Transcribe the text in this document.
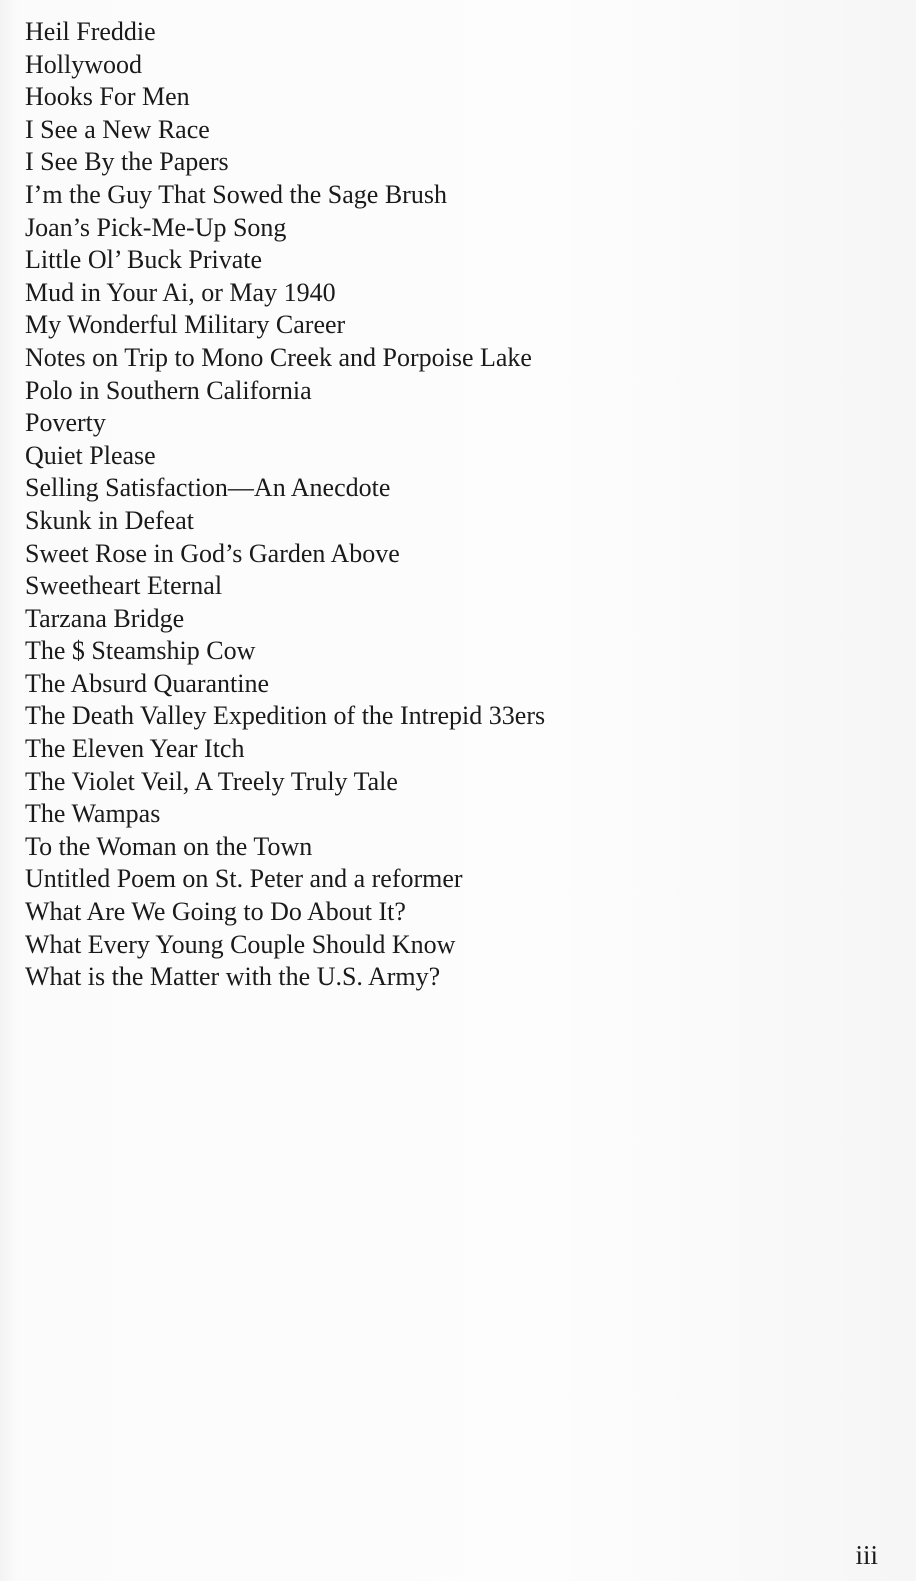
Heil Freddie
Hollywood
Hooks For Men
I See a New Race
I See By the Papers
I’m the Guy That Sowed the Sage Brush
Joan’s Pick-Me-Up Song
Little Ol’ Buck Private
Mud in Your Ai, or May 1940
My Wonderful Military Career
Notes on Trip to Mono Creek and Porpoise Lake
Polo in Southern California
Poverty
Quiet Please
Selling Satisfaction—An Anecdote
Skunk in Defeat
Sweet Rose in God’s Garden Above
Sweetheart Eternal
Tarzana Bridge
The $ Steamship Cow
The Absurd Quarantine
The Death Valley Expedition of the Intrepid 33ers
The Eleven Year Itch
The Violet Veil, A Treely Truly Tale
The Wampas
To the Woman on the Town
Untitled Poem on St. Peter and a reformer
What Are We Going to Do About It?
What Every Young Couple Should Know
What is the Matter with the U.S. Army?
iii
